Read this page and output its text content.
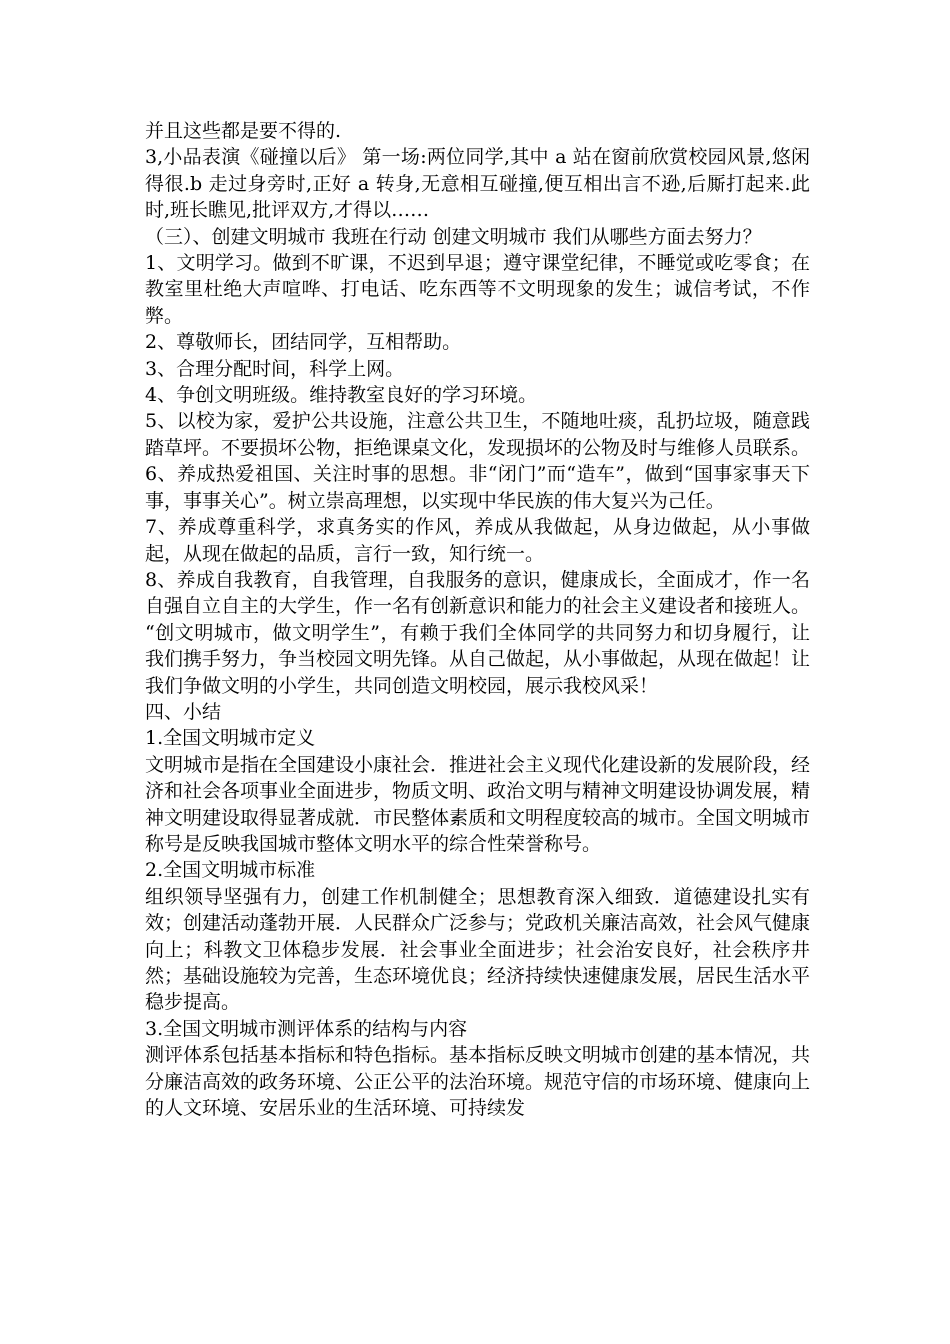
并且这些都是要不得的.

3,小品表演《碰撞以后》 第一场:两位同学,其中 a 站在窗前欣赏校园风景,悠闲得很.b 走过身旁时,正好 a 转身,无意相互碰撞,便互相出言不逊,后厮打起来.此时,班长瞧见,批评双方,才得以……

（三）、创建文明城市 我班在行动 创建文明城市 我们从哪些方面去努力？

1、文明学习。做到不旷课，不迟到早退；遵守课堂纪律，不睡觉或吃零食；在教室里杜绝大声喧哗、打电话、吃东西等不文明现象的发生；诚信考试，不作弊。

2、尊敬师长，团结同学，互相帮助。

3、合理分配时间，科学上网。

4、争创文明班级。维持教室良好的学习环境。

5、以校为家，爱护公共设施，注意公共卫生，不随地吐痰，乱扔垃圾，随意践踏草坪。不要损坏公物，拒绝课桌文化，发现损坏的公物及时与维修人员联系。

6、养成热爱祖国、关注时事的思想。非“闭门”而“造车”，做到“国事家事天下事，事事关心”。树立崇高理想，以实现中华民族的伟大复兴为己任。

7、养成尊重科学，求真务实的作风，养成从我做起，从身边做起，从小事做起，从现在做起的品质，言行一致，知行统一。

8、养成自我教育，自我管理，自我服务的意识，健康成长，全面成才，作一名自强自立自主的大学生，作一名有创新意识和能力的社会主义建设者和接班人。

“创文明城市，做文明学生”，有赖于我们全体同学的共同努力和切身履行，让我们携手努力，争当校园文明先锋。从自己做起，从小事做起，从现在做起！让我们争做文明的小学生，共同创造文明校园，展示我校风采！

四、小结

1.全国文明城市定义

文明城市是指在全国建设小康社会．推进社会主义现代化建设新的发展阶段，经济和社会各项事业全面进步，物质文明、政治文明与精神文明建设协调发展，精神文明建设取得显著成就．市民整体素质和文明程度较高的城市。全国文明城市称号是反映我国城市整体文明水平的综合性荣誉称号。

2.全国文明城市标准

组织领导坚强有力，创建工作机制健全；思想教育深入细致．道德建设扎实有效；创建活动蓬勃开展．人民群众广泛参与；党政机关廉洁高效，社会风气健康向上；科教文卫体稳步发展．社会事业全面进步；社会治安良好，社会秩序井然；基础设施较为完善，生态环境优良；经济持续快速健康发展，居民生活水平稳步提高。

3.全国文明城市测评体系的结构与内容

测评体系包括基本指标和特色指标。基本指标反映文明城市创建的基本情况，共分廉洁高效的政务环境、公正公平的法治环境。规范守信的市场环境、健康向上的人文环境、安居乐业的生活环境、可持续发
